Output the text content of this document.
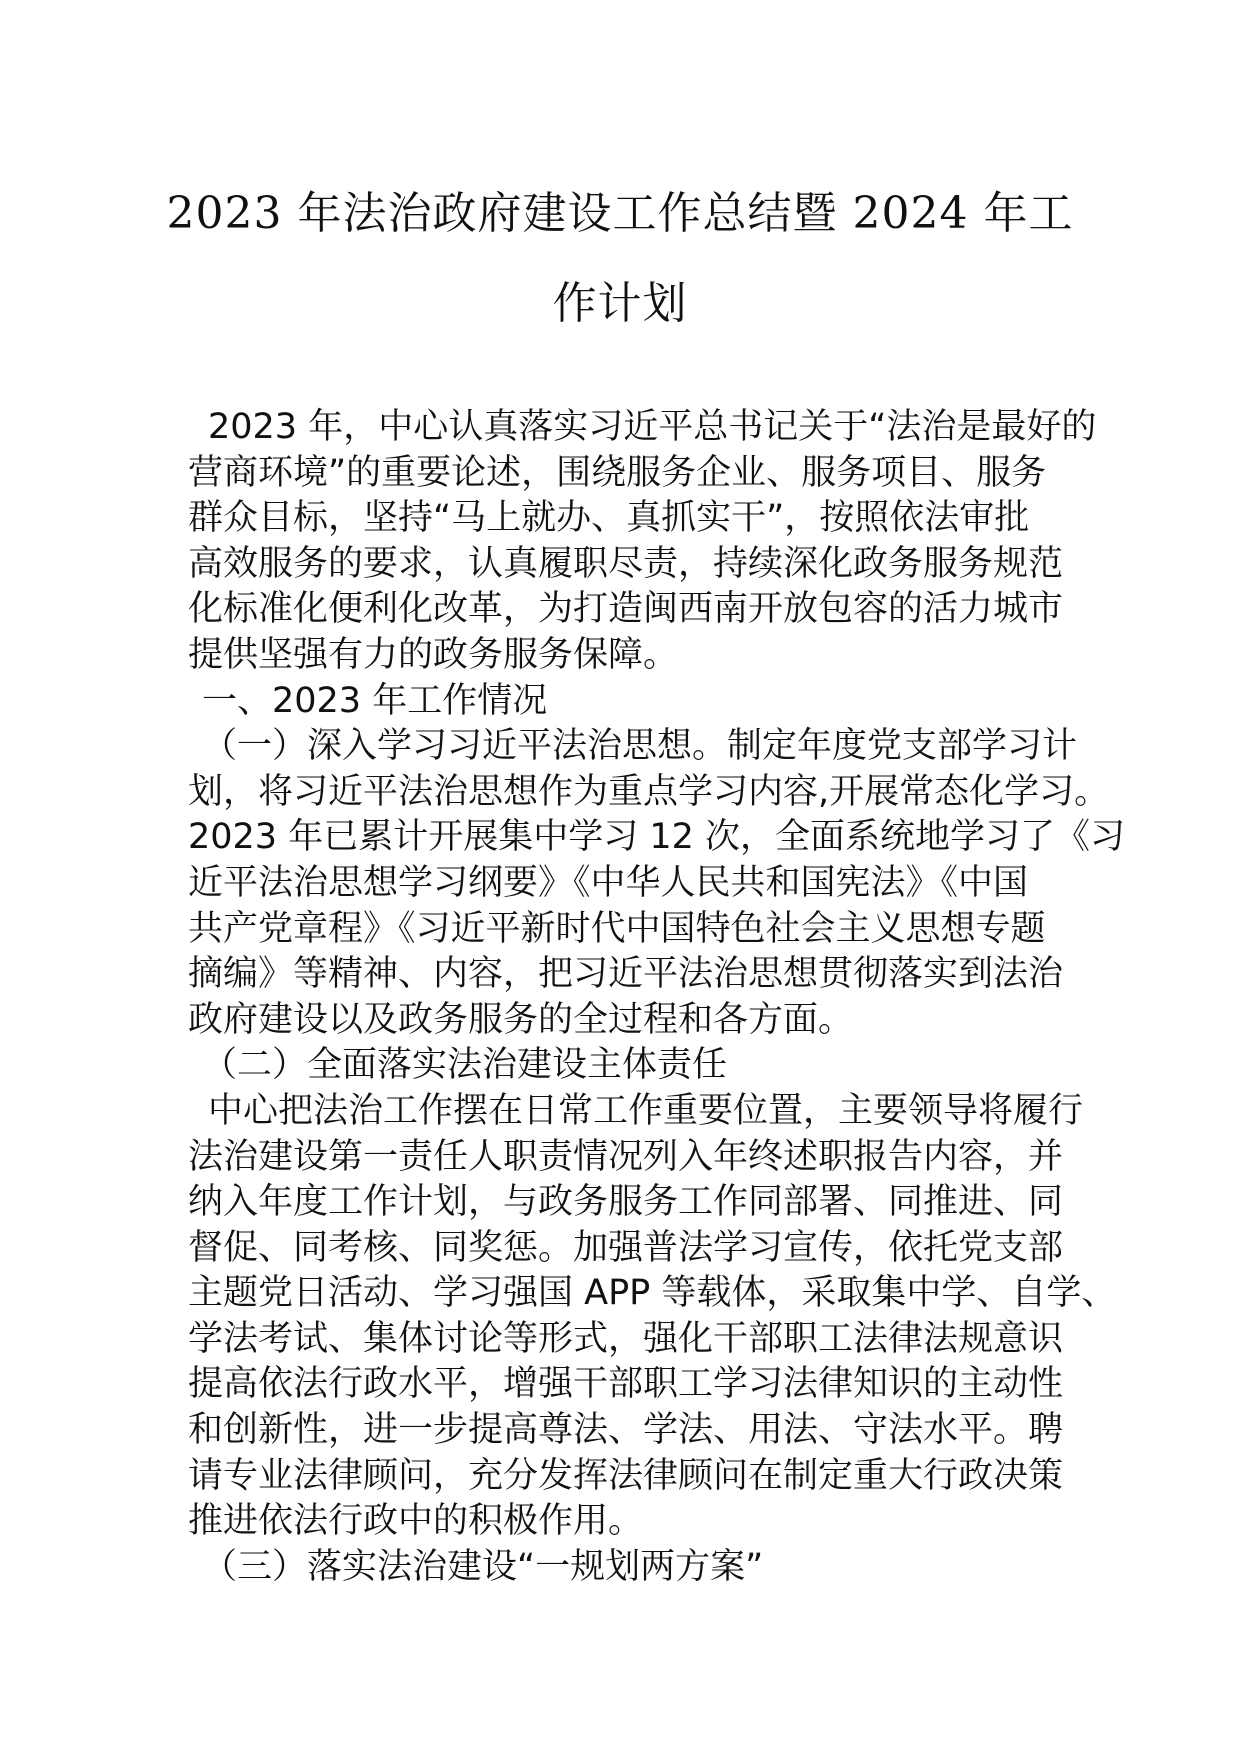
2023 年法治政府建设工作总结暨 2024 年工
作计划
2023 年，中心认真落实习近平总书记关于“法治是最好的
营商环境”的重要论述，围绕服务企业、服务项目、服务
群众目标，坚持“马上就办、真抓实干”，按照依法审批
高效服务的要求，认真履职尽责，持续深化政务服务规范
化标准化便利化改革，为打造闽西南开放包容的活力城市
提供坚强有力的政务服务保障。
一、2023 年工作情况
（一）深入学习习近平法治思想。制定年度党支部学习计
划，将习近平法治思想作为重点学习内容,开展常态化学习。
2023 年已累计开展集中学习 12 次，全面系统地学习了《习
近平法治思想学习纲要》《中华人民共和国宪法》《中国
共产党章程》《习近平新时代中国特色社会主义思想专题
摘编》等精神、内容，把习近平法治思想贯彻落实到法治
政府建设以及政务服务的全过程和各方面。
（二）全面落实法治建设主体责任
中心把法治工作摆在日常工作重要位置，主要领导将履行
法治建设第一责任人职责情况列入年终述职报告内容，并
纳入年度工作计划，与政务服务工作同部署、同推进、同
督促、同考核、同奖惩。加强普法学习宣传，依托党支部
主题党日活动、学习强国 APP 等载体，采取集中学、自学、
学法考试、集体讨论等形式，强化干部职工法律法规意识
提高依法行政水平，增强干部职工学习法律知识的主动性
和创新性，进一步提高尊法、学法、用法、守法水平。聘
请专业法律顾问，充分发挥法律顾问在制定重大行政决策
推进依法行政中的积极作用。
（三）落实法治建设“一规划两方案”
